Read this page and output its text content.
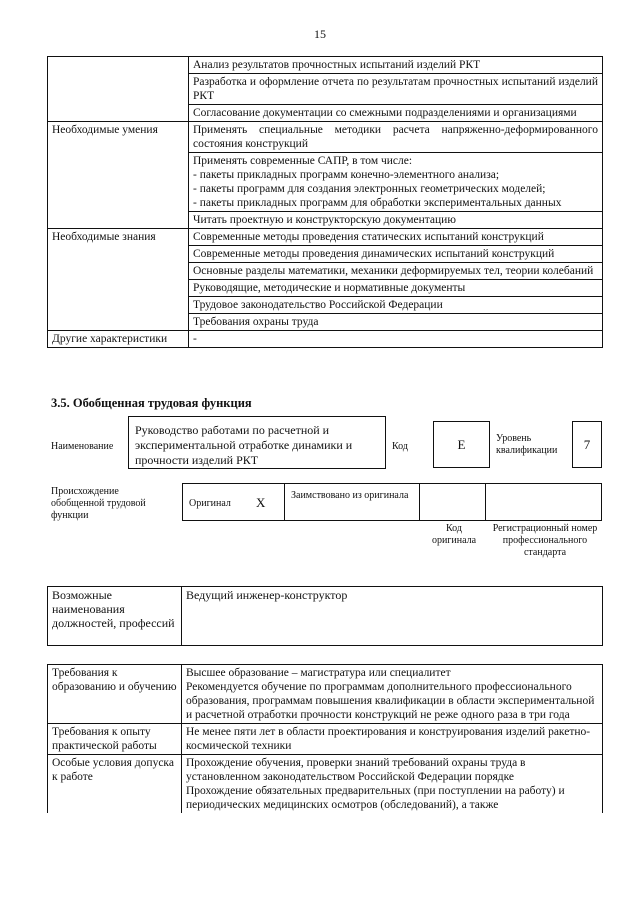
15
	Анализ результатов прочностных испытаний изделий РКТ
	Разработка и оформление отчета по результатам прочностных испытаний изделий РКТ
	Согласование документации со смежными подразделениями и организациями
Необходимые умения	Применять специальные методики расчета напряженно-деформированного состояния конструкций
	Применять современные САПР, в том числе:
- пакеты прикладных программ конечно-элементного анализа;
- пакеты программ для создания электронных геометрических моделей;
- пакеты прикладных программ для обработки экспериментальных данных
	Читать проектную и конструкторскую документацию
Необходимые знания	Современные методы проведения статических испытаний конструкций
	Современные методы проведения динамических испытаний конструкций
	Основные разделы математики, механики деформируемых тел, теории колебаний
	Руководящие, методические и нормативные документы
	Трудовое законодательство Российской Федерации
	Требования охраны труда
Другие характеристики	-
3.5. Обобщенная трудовая функция
Наименование
Руководство работами по расчетной и экспериментальной отработке динамики и прочности изделий РКТ
Код	E	Уровень квалификации	7
Происхождение обобщенной трудовой функции
Оригинал X	Заимствовано из оригинала
Код оригинала
Регистрационный номер профессионального стандарта
Возможные наименования должностей, профессий	Ведущий инженер-конструктор
Требования к образованию и обучению	Высшее образование – магистратура или специалитет
Рекомендуется обучение по программам дополнительного профессионального образования, программам повышения квалификации в области экспериментальной и расчетной отработки прочности конструкций не реже одного раза в три года
Требования к опыту практической работы	Не менее пяти лет в области проектирования и конструирования изделий ракетно-космической техники
Особые условия допуска к работе	Прохождение обучения, проверки знаний требований охраны труда в установленном законодательством Российской Федерации порядке
Прохождение обязательных предварительных (при поступлении на работу) и периодических медицинских осмотров (обследований), а также
